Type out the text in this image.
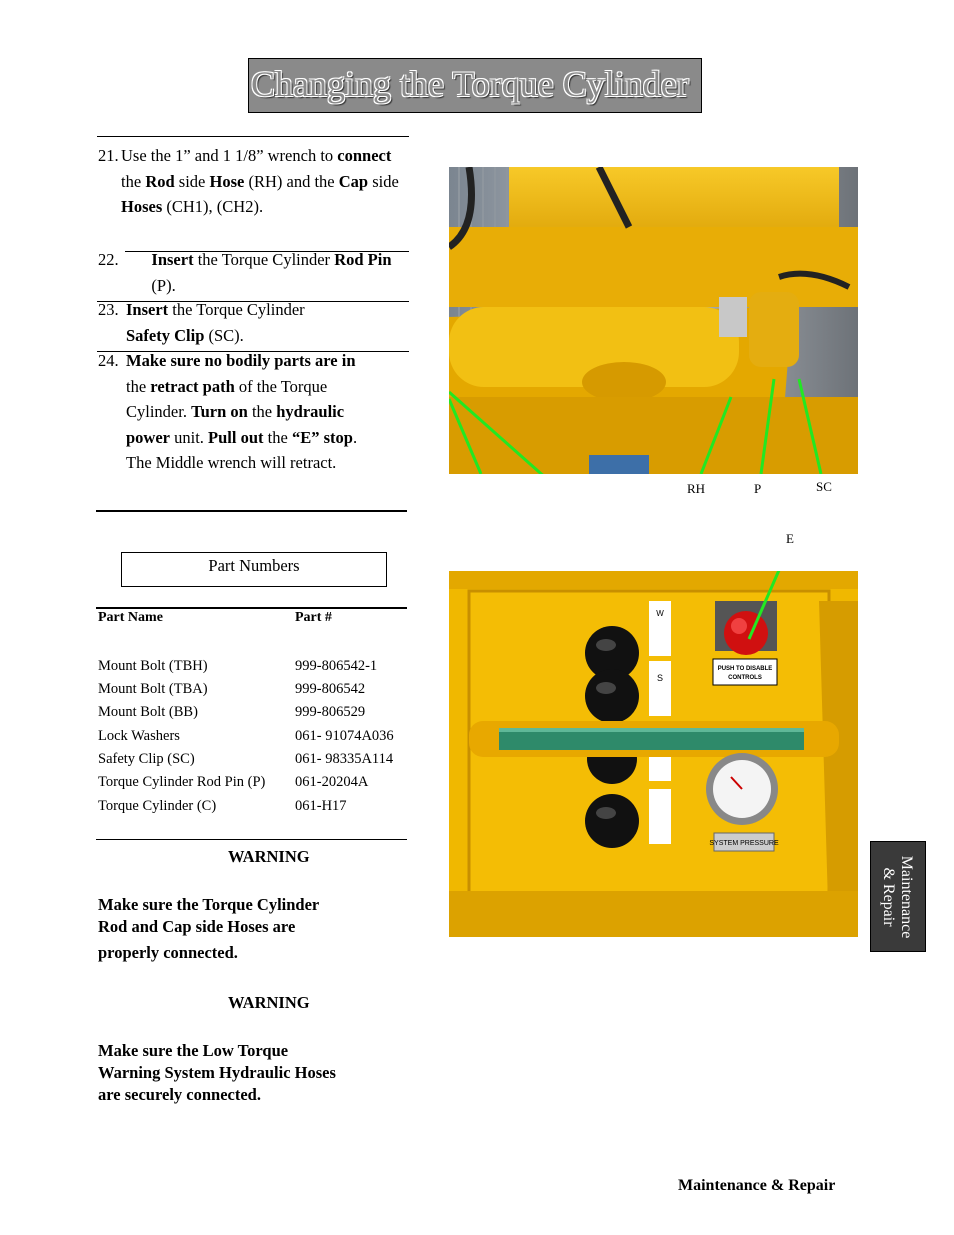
Changing the Torque Cylinder
21. Use the 1” and 1 1/8” wrench to connect the Rod side Hose (RH) and the Cap side Hoses (CH1), (CH2).
22.	Insert the Torque Cylinder Rod Pin (P).
23. Insert the Torque Cylinder Safety Clip (SC).
24. Make sure no bodily parts are in the retract path of the Torque Cylinder. Turn on the hydraulic power unit. Pull out the “E” stop. The Middle wrench will retract.
Part Numbers
Part Name	Part #
Mount Bolt (TBH)	999-806542-1
Mount Bolt (TBA)	999-806542
Mount Bolt (BB)	999-806529
Lock Washers	061- 91074A036
Safety Clip (SC)	061- 98335A114
Torque Cylinder Rod Pin (P) 061-20204A
Torque Cylinder (C)	061-H17
WARNING
Make sure the Torque Cylinder
Rod and Cap side Hoses are
properly connected.
WARNING
Make sure the Low Torque
Warning System Hydraulic Hoses
are securely connected.
RH	P	SC
E
W
S
PUSH TO DISABLE
CONTROLS
SYSTEM PRESSURE
Maintenance
& Repair
Maintenance & Repair
